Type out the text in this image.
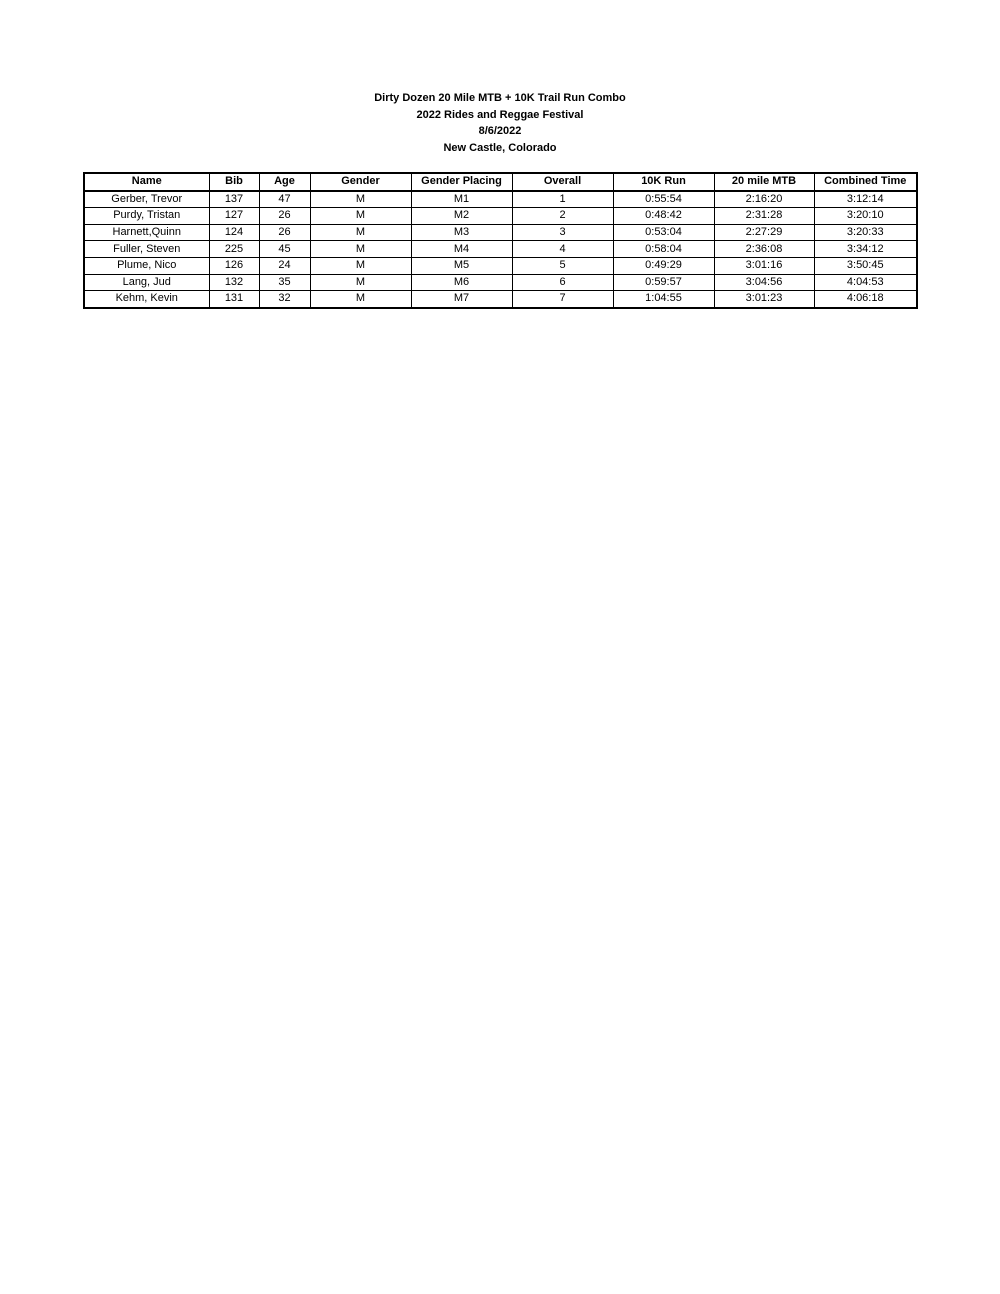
Dirty Dozen 20 Mile MTB + 10K Trail Run Combo
2022 Rides and Reggae Festival
8/6/2022
New Castle, Colorado
Name	Bib	Age	Gender	Gender Placing	Overall	10K Run	20 mile MTB	Combined Time
Gerber, Trevor	137	47	M	M1	1	0:55:54	2:16:20	3:12:14
Purdy, Tristan	127	26	M	M2	2	0:48:42	2:31:28	3:20:10
Harnett,Quinn	124	26	M	M3	3	0:53:04	2:27:29	3:20:33
Fuller, Steven	225	45	M	M4	4	0:58:04	2:36:08	3:34:12
Plume, Nico	126	24	M	M5	5	0:49:29	3:01:16	3:50:45
Lang, Jud	132	35	M	M6	6	0:59:57	3:04:56	4:04:53
Kehm, Kevin	131	32	M	M7	7	1:04:55	3:01:23	4:06:18
